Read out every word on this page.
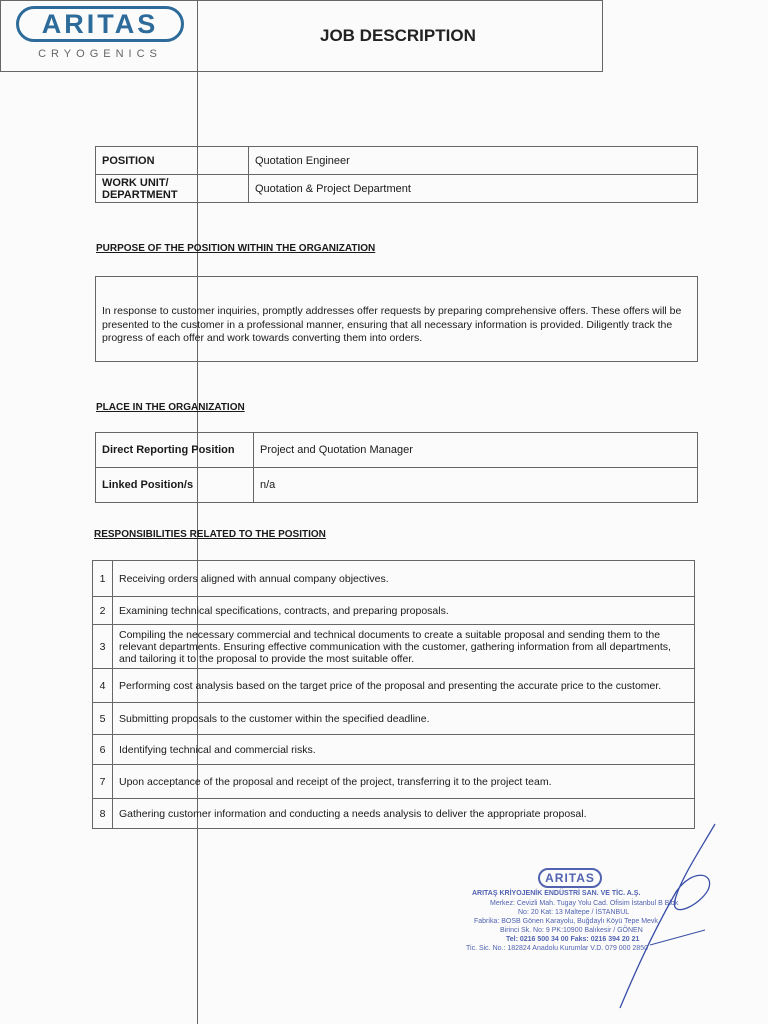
ARITAS
CRYOGENICS
JOB DESCRIPTION
POSITION	Quotation Engineer
WORK UNIT/ DEPARTMENT	Quotation & Project Department
PURPOSE OF THE POSITION WITHIN THE ORGANIZATION
In response to customer inquiries, promptly addresses offer requests by preparing comprehensive offers. These offers will be presented to the customer in a professional manner, ensuring that all necessary information is provided. Diligently track the progress of each offer and work towards converting them into orders.
PLACE IN THE ORGANIZATION
Direct Reporting Position	Project and Quotation Manager
Linked Position/s	n/a
RESPONSIBILITIES RELATED TO THE POSITION
1	Receiving orders aligned with annual company objectives.
2	Examining technical specifications, contracts, and preparing proposals.
3	Compiling the necessary commercial and technical documents to create a suitable proposal and sending them to the relevant departments. Ensuring effective communication with the customer, gathering information from all departments, and tailoring it to the proposal to provide the most suitable offer.
4	Performing cost analysis based on the target price of the proposal and presenting the accurate price to the customer.
5	Submitting proposals to the customer within the specified deadline.
6	Identifying technical and commercial risks.
7	Upon acceptance of the proposal and receipt of the project, transferring it to the project team.
8	Gathering customer information and conducting a needs analysis to deliver the appropriate proposal.
ARITAS
ARITAŞ KRİYOJENİK ENDÜSTRİ SAN. VE TİC. A.Ş.
Merkez: Cevizli Mah. Tugay Yolu Cad. Ofisim İstanbul B Blok
No: 20 Kat: 13 Maltepe / İSTANBUL
Fabrika: BOSB Gönen Karayolu, Buğdaylı Köyü Tepe Mevk.
Birinci Sk. No: 9 PK:10900 Balıkesir / GÖNEN
Tel: 0216 500 34 00 Faks: 0216 394 20 21
Tic. Sic. No.: 182824 Anadolu Kurumlar V.D. 079 000 2850
